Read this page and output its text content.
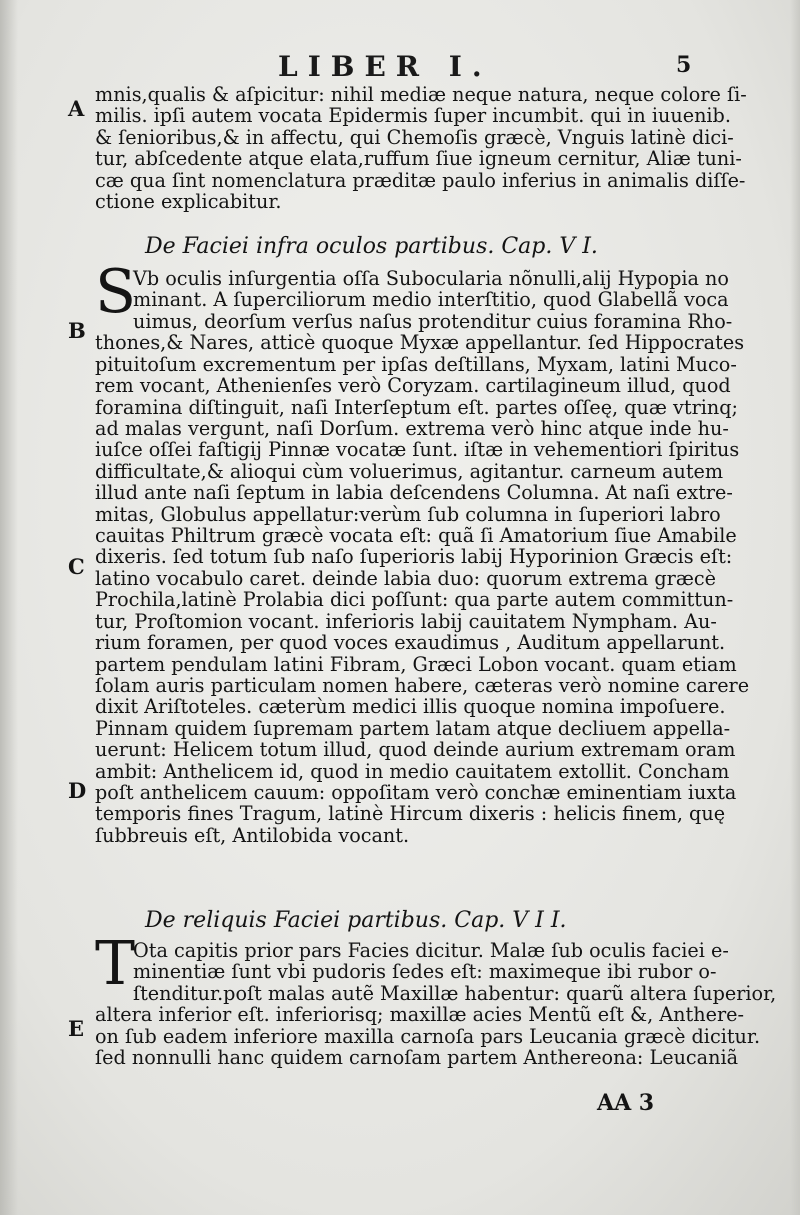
LIBER I.	5
A
B
C
D
E
mnis,qualis & aſpicitur: nihil mediæ neque natura, neque colore ſi-
milis. ipſi autem vocata Epidermis ſuper incumbit. qui in iuuenib.
& ſenioribus,& in affectu, qui Chemoſis græcè, Vnguis latinè dici-
tur, abſcedente atque elata,ruffum ſiue igneum cernitur, Aliæ tuni-
cæ qua ſint nomenclatura præditæ paulo inferius in animalis diſſe-
ctione explicabitur.
De Faciei infra oculos partibus. Cap. V I.
S
Vb oculis inſurgentia oſſa Subocularia nõnulli,alij Hypopia no
minant. A ſuperciliorum medio interſtitio, quod Glabellã voca
uimus, deorſum verſus naſus protenditur cuius foramina Rho-
thones,& Nares, atticè quoque Myxæ appellantur. ſed Hippocrates
pituitoſum excrementum per ipſas deſtillans, Myxam, latini Muco-
rem vocant, Athenienſes verò Coryzam. cartilagineum illud, quod
foramina diſtinguit, naſi Interſeptum eſt. partes oſſeę, quæ vtrinq;
ad malas vergunt, naſi Dorſum. extrema verò hinc atque inde hu-
iuſce oſſei faſtigij Pinnæ vocatæ ſunt. iſtæ in vehementiori ſpiritus
difficultate,& alioqui cùm voluerimus, agitantur. carneum autem
illud ante naſi ſeptum in labia deſcendens Columna. At naſi extre-
mitas, Globulus appellatur:verùm ſub columna in ſuperiori labro
cauitas Philtrum græcè vocata eſt: quã ſi Amatorium ſiue Amabile
dixeris. ſed totum ſub naſo ſuperioris labij Hyporinion Græcis eſt:
latino vocabulo caret. deinde labia duo: quorum extrema græcè
Prochila,latinè Prolabia dici poſſunt: qua parte autem committun-
tur, Proſtomion vocant. inferioris labij cauitatem Nympham. Au-
rium foramen, per quod voces exaudimus , Auditum appellarunt.
partem pendulam latini Fibram, Græci Lobon vocant. quam etiam
ſolam auris particulam nomen habere, cæteras verò nomine carere
dixit Ariſtoteles. cæterùm medici illis quoque nomina impoſuere.
Pinnam quidem ſupremam partem latam atque decliuem appella-
uerunt: Helicem totum illud, quod deinde aurium extremam oram
ambit: Anthelicem id, quod in medio cauitatem extollit. Concham
poſt anthelicem cauum: oppoſitam verò conchæ eminentiam iuxta
temporis fines Tragum, latinè Hircum dixeris : helicis finem, quę
ſubbreuis eſt, Antilobida vocant.
De reliquis Faciei partibus. Cap. V I I.
T
Ota capitis prior pars Facies dicitur. Malæ ſub oculis faciei e-
minentiæ ſunt vbi pudoris ſedes eſt: maximeque ibi rubor o-
ſtenditur.poſt malas autẽ Maxillæ habentur: quarũ altera ſuperior,
altera inferior eſt. inferiorisq; maxillæ acies Mentũ eſt &, Anthere-
on ſub eadem inferiore maxilla carnoſa pars Leucania græcè dicitur.
ſed nonnulli hanc quidem carnoſam partem Anthereona: Leucaniã
AA 3
